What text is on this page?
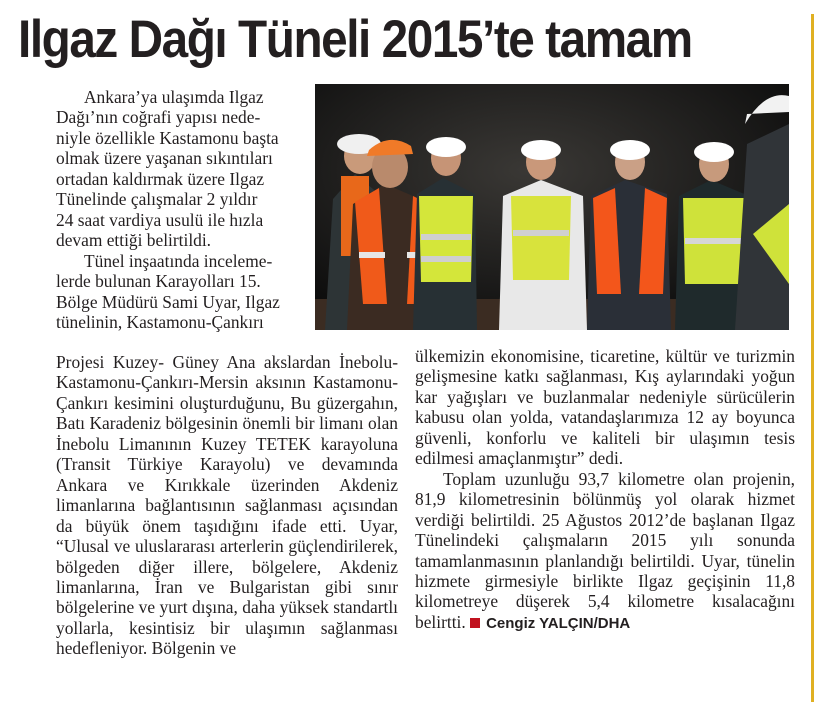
Ilgaz Dağı Tüneli 2015’te tamam
Ankara’ya ulaşımda Ilgaz
Dağı’nın coğrafi yapısı nede-
niyle özellikle Kastamonu başta
olmak üzere yaşanan sıkıntıları
ortadan kaldırmak üzere Ilgaz
Tünelinde çalışmalar 2 yıldır
24 saat vardiya usulü ile hızla
devam ettiği belirtildi.
Tünel inşaatında inceleme-
lerde bulunan Karayolları 15.
Bölge Müdürü Sami Uyar, Ilgaz
tünelinin, Kastamonu-Çankırı

Projesi Kuzey- Güney Ana akslardan İnebolu-Kastamonu-Çankırı-Mersin aksının Kastamonu-Çankırı kesimini oluşturduğunu, Bu güzergahın, Batı Karadeniz bölgesinin önemli bir limanı olan İnebolu Limanının Kuzey TETEK karayoluna (Transit Türkiye Karayolu) ve devamında Ankara ve Kırıkkale üzerinden Akdeniz limanlarına bağlantısının sağlanması açısından da büyük önem taşıdığını ifade etti. Uyar, “Ulusal ve uluslararası arterlerin güçlendirilerek, bölgeden diğer illere, bölgelere, Akdeniz limanlarına, İran ve Bulgaristan gibi sınır bölgelerine ve yurt dışına, daha yüksek standartlı yollarla, kesintisiz bir ulaşımın sağlanması hedefleniyor. Bölgenin ve

ülkemizin ekonomisine, ticaretine, kültür ve turizmin gelişmesine katkı sağlanması, Kış aylarındaki yoğun kar yağışları ve buzlanmalar nedeniyle sürücülerin kabusu olan yolda, vatandaşlarımıza 12 ay boyunca güvenli, konforlu ve kaliteli bir ulaşımın tesis edilmesi amaçlanmıştır” dedi.

Toplam uzunluğu 93,7 kilometre olan projenin, 81,9 kilometresinin bölünmüş yol olarak hizmet verdiği belirtildi. 25 Ağustos 2012’de başlanan Ilgaz Tünelindeki çalışmaların 2015 yılı sonunda tamamlanmasının planlandığı belirtildi. Uyar, tünelin hizmete girmesiyle birlikte Ilgaz geçişinin 11,8 kilometreye düşerek 5,4 kilometre kısalacağını belirtti. Cengiz YALÇIN/DHA
